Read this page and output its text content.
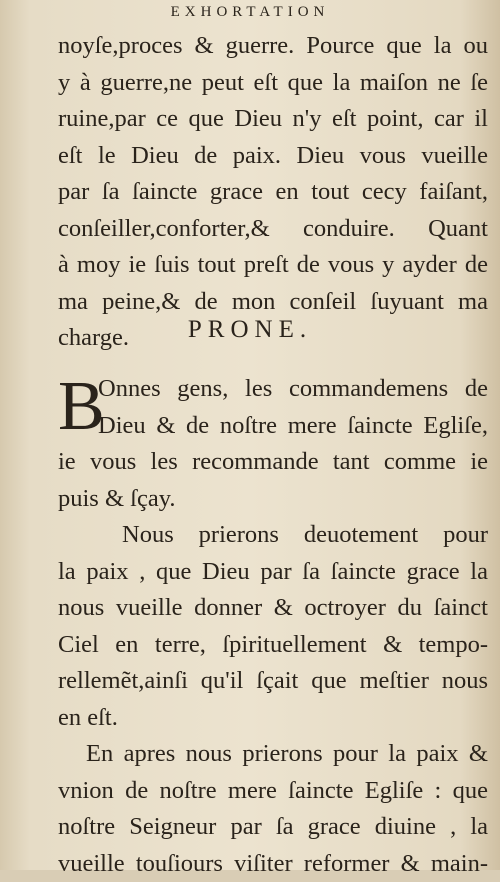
EXHORTATION
noyſe,proces & guerre. Pource que la ou
y à guerre,ne peut eſt que la maiſon ne ſe
ruine,par ce que Dieu n'y eſt point, car il
eſt le Dieu de paix. Dieu vous vueille
par ſa ſaincte grace en tout cecy faiſant,
conſeiller,conforter,& conduire. Quant
à moy ie ſuis tout preſt de vous y ayder de
ma peine,& de mon conſeil ſuyuant ma
charge.	PRONE.
B
Onnes gens, les commandemens de
Dieu & de noſtre mere ſaincte Egliſe,
ie vous les recommande tant comme ie
puis & ſçay.
Nous prierons deuotement pour
la paix , que Dieu par ſa ſaincte grace la
nous vueille donner & octroyer du ſainct
Ciel en terre, ſpirituellement & tempo-
rellemẽt,ainſi qu'il ſçait que meſtier nous
en eſt.
En apres nous prierons pour la paix &
vnion de noſtre mere ſaincte Egliſe : que
noſtre Seigneur par ſa grace diuine , la
vueille touſiours viſiter reformer & main-
